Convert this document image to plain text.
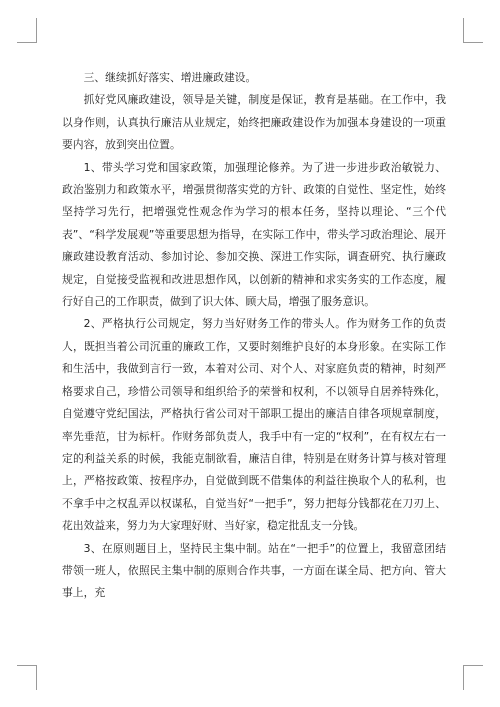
三、继续抓好落实、增进廉政建设。

抓好党风廉政建设，领导是关键，制度是保证，教育是基础。在工作中，我以身作则，认真执行廉洁从业规定，始终把廉政建设作为加强本身建设的一项重要内容，放到突出位置。

1、带头学习党和国家政策，加强理论修养。为了进一步进步政治敏锐力、政治鉴别力和政策水平，增强贯彻落实党的方针、政策的自觉性、坚定性，始终坚持学习先行，把增强党性观念作为学习的根本任务，坚持以理论、“三个代表”、“科学发展观”等重要思想为指导，在实际工作中，带头学习政治理论、展开廉政建设教育活动、参加讨论、参加交换、深进工作实际，调查研究、执行廉政规定，自觉接受监视和改进思想作风，以创新的精神和求实务实的工作态度，履行好自己的工作职责，做到了识大体、顾大局，增强了服务意识。

2、严格执行公司规定，努力当好财务工作的带头人。作为财务工作的负责人，既担当着公司沉重的廉政工作，又要时刻维护良好的本身形象。在实际工作和生活中，我做到言行一致，本着对公司、对个人、对家庭负责的精神，时刻严格要求自己，珍惜公司领导和组织给予的荣誉和权利，不以领导自居养特殊化，自觉遵守党纪国法，严格执行省公司对干部职工提出的廉洁自律各项规章制度，率先垂范，甘为标杆。作财务部负责人，我手中有一定的“权利”，在有权左右一定的利益关系的时候，我能克制欲看，廉洁自律，特别是在财务计算与核对管理上，严格按政策、按程序办，自觉做到既不借集体的利益往换取个人的私利，也不拿手中之权乱弄以权谋私，自觉当好“一把手”，努力把每分钱都花在刀刃上、花出效益来，努力为大家理好财、当好家，稳定批乱支一分钱。

3、在原则题目上，坚持民主集中制。站在“一把手”的位置上，我留意团结带领一班人，依照民主集中制的原则合作共事，一方面在谋全局、把方向、管大事上，充
